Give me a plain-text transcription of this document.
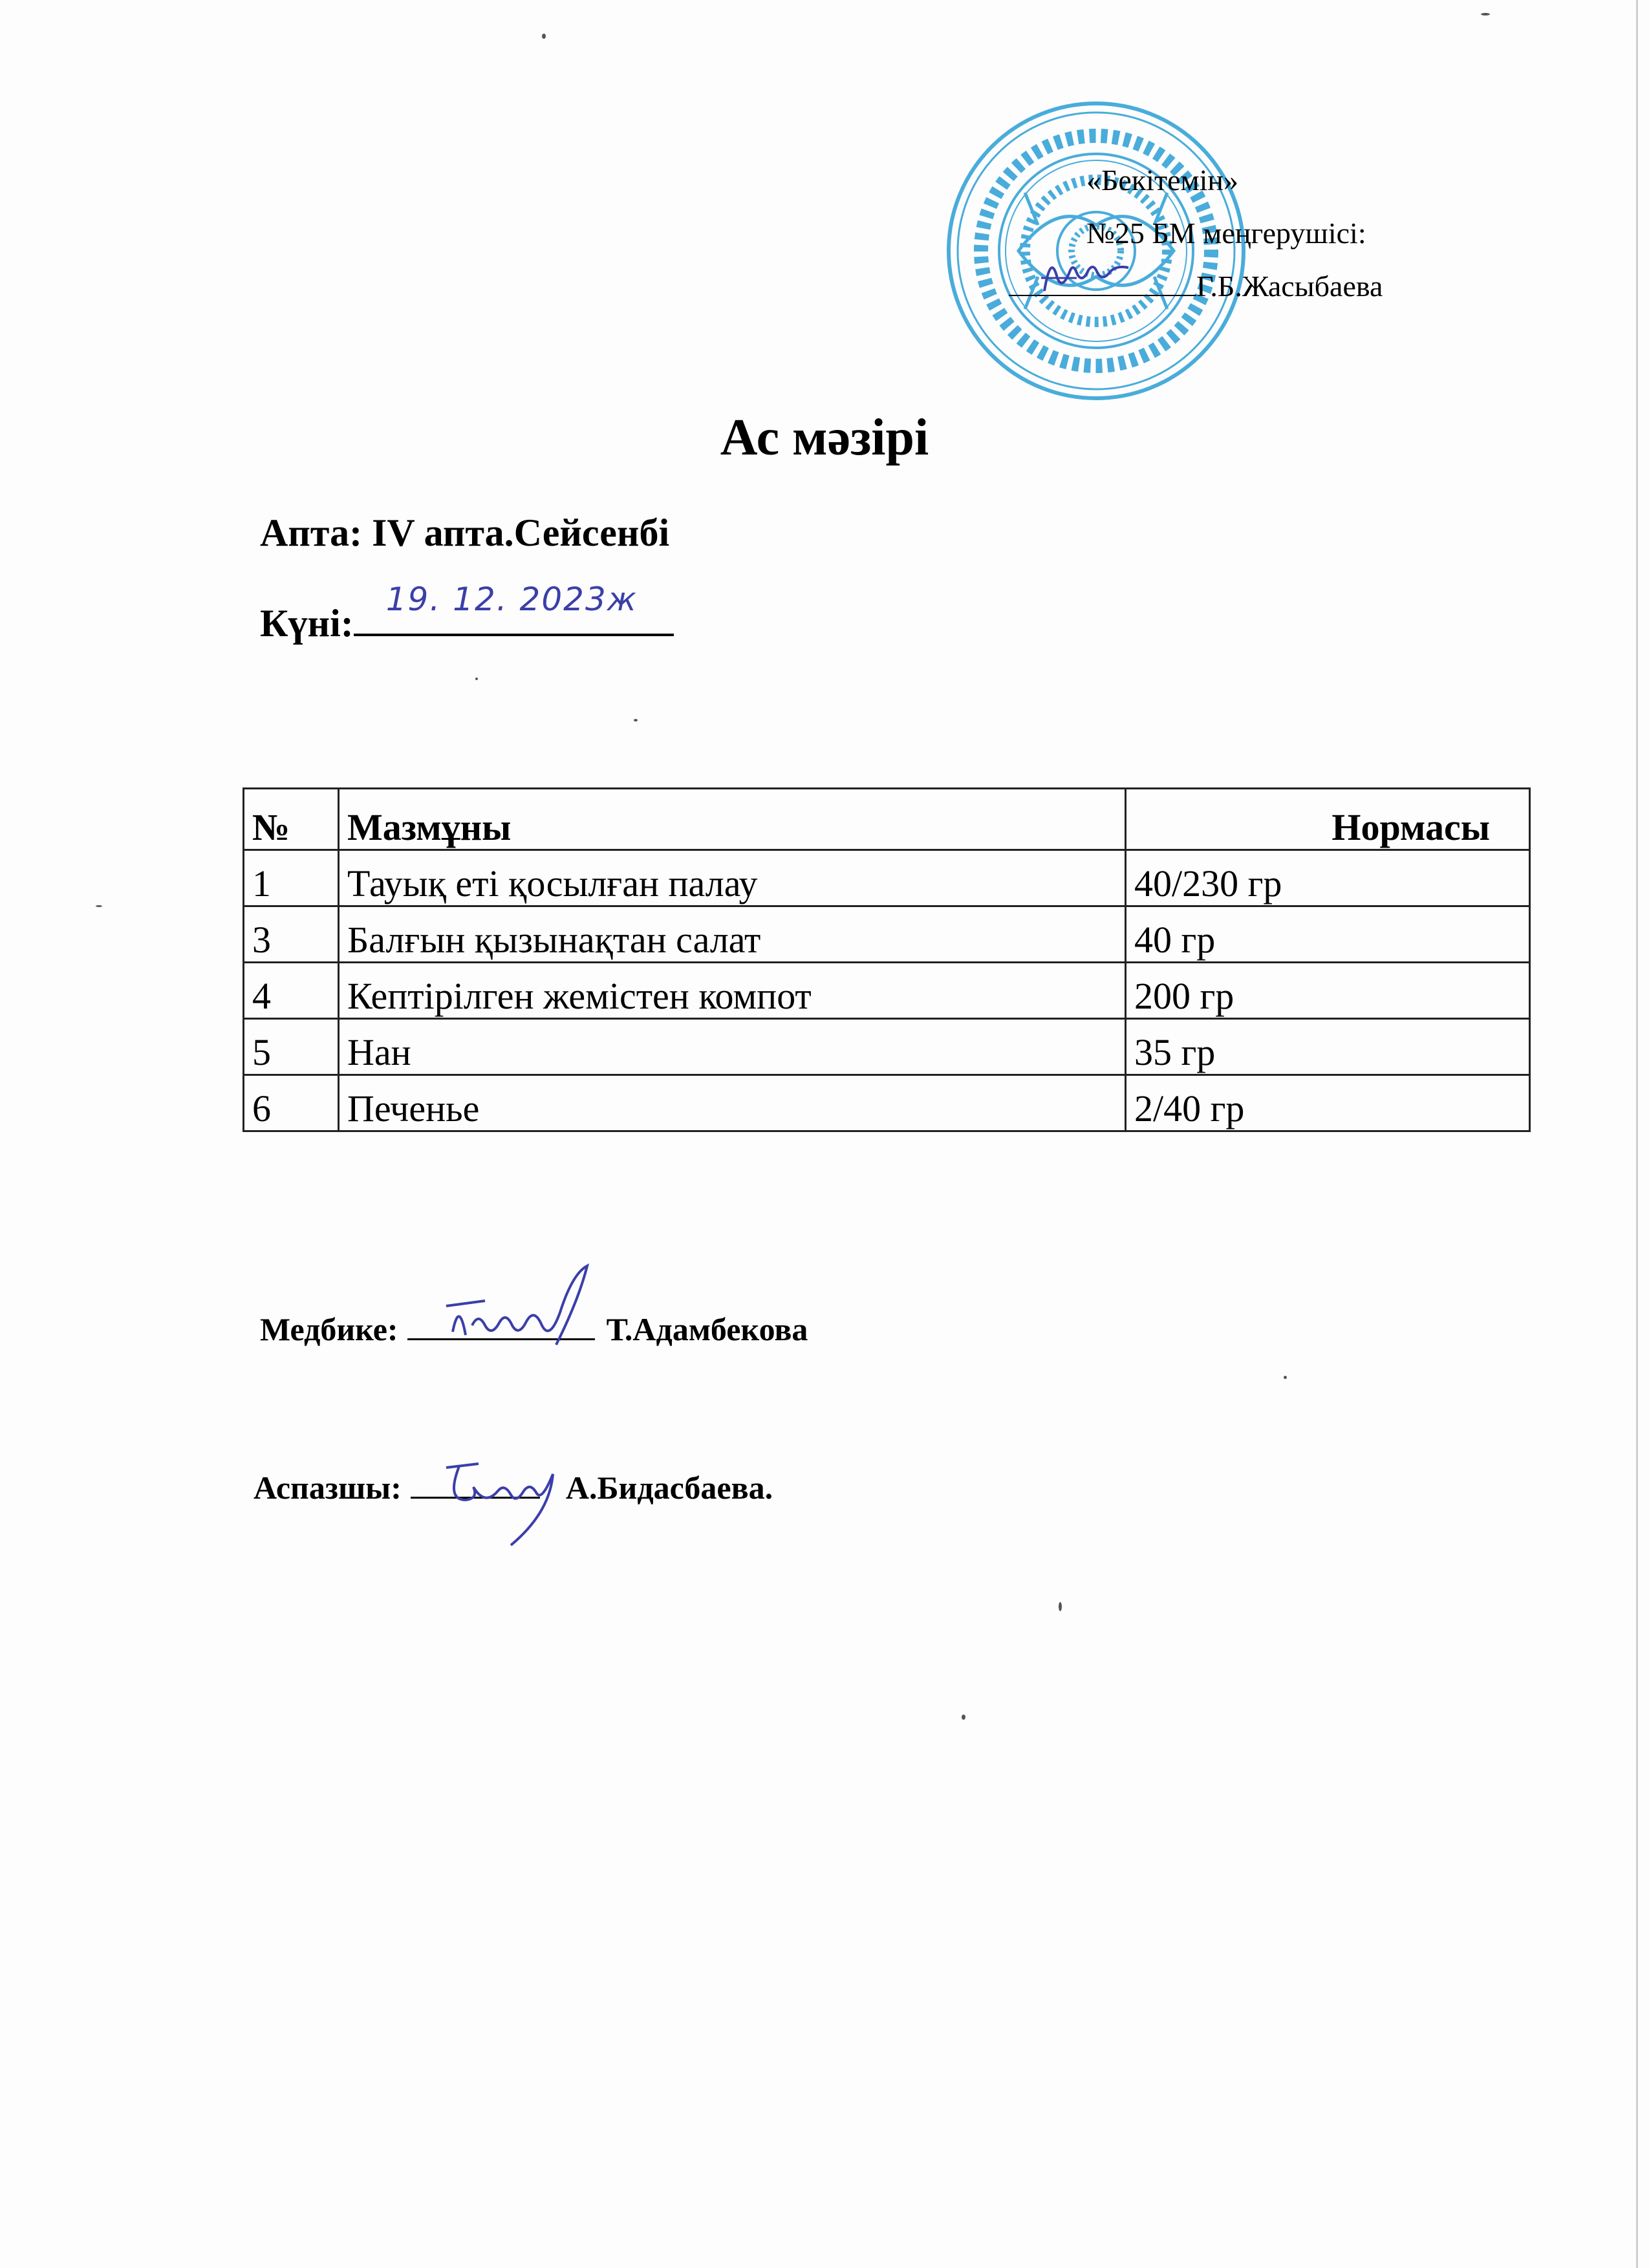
«Бекітемін»
№25 БМ меңгерушісі:
Г.Б.Жасыбаева
Ас мәзірі
Апта: IV апта.Сейсенбі
Күні:
19. 12. 2023ж
№	Мазмұны	Нормасы
1	Тауық еті қосылған палау	40/230 гр
3	Балғын қызынақтан салат	40 гр
4	Кептірілген жемістен компот	200 гр
5	Нан	35 гр
6	Печенье	2/40 гр
Медбике:	Т.Адамбекова
Аспазшы:	А.Бидасбаева.
